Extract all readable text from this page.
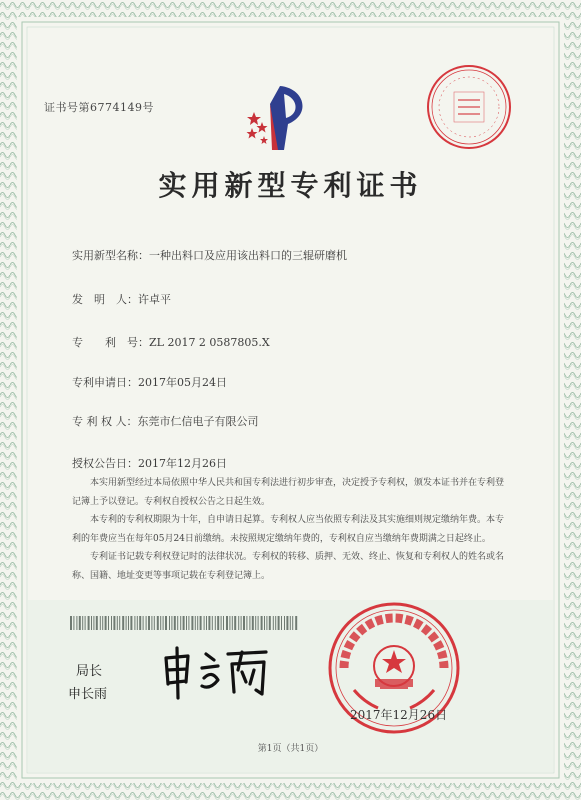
证书号第6774149号
实用新型专利证书
实用新型名称：一种出料口及应用该出料口的三辊研磨机
发　明　人：许卓平
专　　利　号：ZL 2017 2 0587805.X
专利申请日：2017年05月24日
专 利 权 人：东莞市仁信电子有限公司
授权公告日：2017年12月26日

本实用新型经过本局依照中华人民共和国专利法进行初步审查，决定授予专利权，颁发本证书并在专利登记簿上予以登记。专利权自授权公告之日起生效。

本专利的专利权期限为十年，自申请日起算。专利权人应当依照专利法及其实施细则规定缴纳年费。本专利的年费应当在每年05月24日前缴纳。未按照规定缴纳年费的，专利权自应当缴纳年费期满之日起终止。

专利证书记载专利权登记时的法律状况。专利权的转移、质押、无效、终止、恢复和专利权人的姓名或名称、国籍、地址变更等事项记载在专利登记簿上。

局长
申长雨
2017年12月26日
第1页（共1页）
